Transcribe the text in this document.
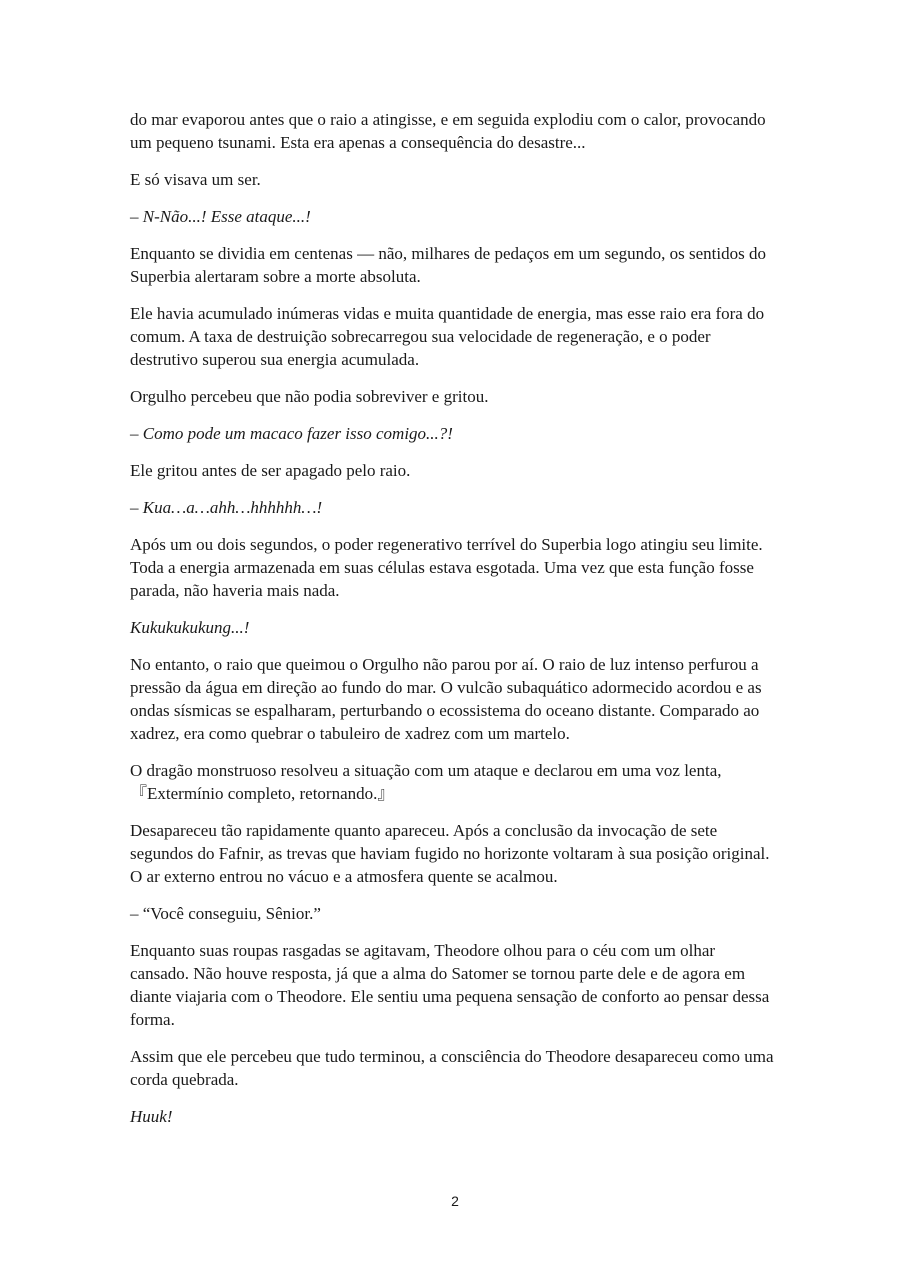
do mar evaporou antes que o raio a atingisse, e em seguida explodiu com o calor, provocando um pequeno tsunami. Esta era apenas a consequência do desastre...

E só visava um ser.

– N-Não...! Esse ataque...!

Enquanto se dividia em centenas — não, milhares de pedaços em um segundo, os sentidos do Superbia alertaram sobre a morte absoluta.

Ele havia acumulado inúmeras vidas e muita quantidade de energia, mas esse raio era fora do comum. A taxa de destruição sobrecarregou sua velocidade de regeneração, e o poder destrutivo superou sua energia acumulada.

Orgulho percebeu que não podia sobreviver e gritou.

– Como pode um macaco fazer isso comigo...?!

Ele gritou antes de ser apagado pelo raio.

– Kua…a…ahh…hhhhhh…!

Após um ou dois segundos, o poder regenerativo terrível do Superbia logo atingiu seu limite. Toda a energia armazenada em suas células estava esgotada. Uma vez que esta função fosse parada, não haveria mais nada.

Kukukukukung...!

No entanto, o raio que queimou o Orgulho não parou por aí. O raio de luz intenso perfurou a pressão da água em direção ao fundo do mar. O vulcão subaquático adormecido acordou e as ondas sísmicas se espalharam, perturbando o ecossistema do oceano distante. Comparado ao xadrez, era como quebrar o tabuleiro de xadrez com um martelo.

O dragão monstruoso resolveu a situação com um ataque e declarou em uma voz lenta, 『Extermínio completo, retornando.』

Desapareceu tão rapidamente quanto apareceu. Após a conclusão da invocação de sete segundos do Fafnir, as trevas que haviam fugido no horizonte voltaram à sua posição original. O ar externo entrou no vácuo e a atmosfera quente se acalmou.

– “Você conseguiu, Sênior.”

Enquanto suas roupas rasgadas se agitavam, Theodore olhou para o céu com um olhar cansado. Não houve resposta, já que a alma do Satomer se tornou parte dele e de agora em diante viajaria com o Theodore. Ele sentiu uma pequena sensação de conforto ao pensar dessa forma.

Assim que ele percebeu que tudo terminou, a consciência do Theodore desapareceu como uma corda quebrada.

Huuk!

2
